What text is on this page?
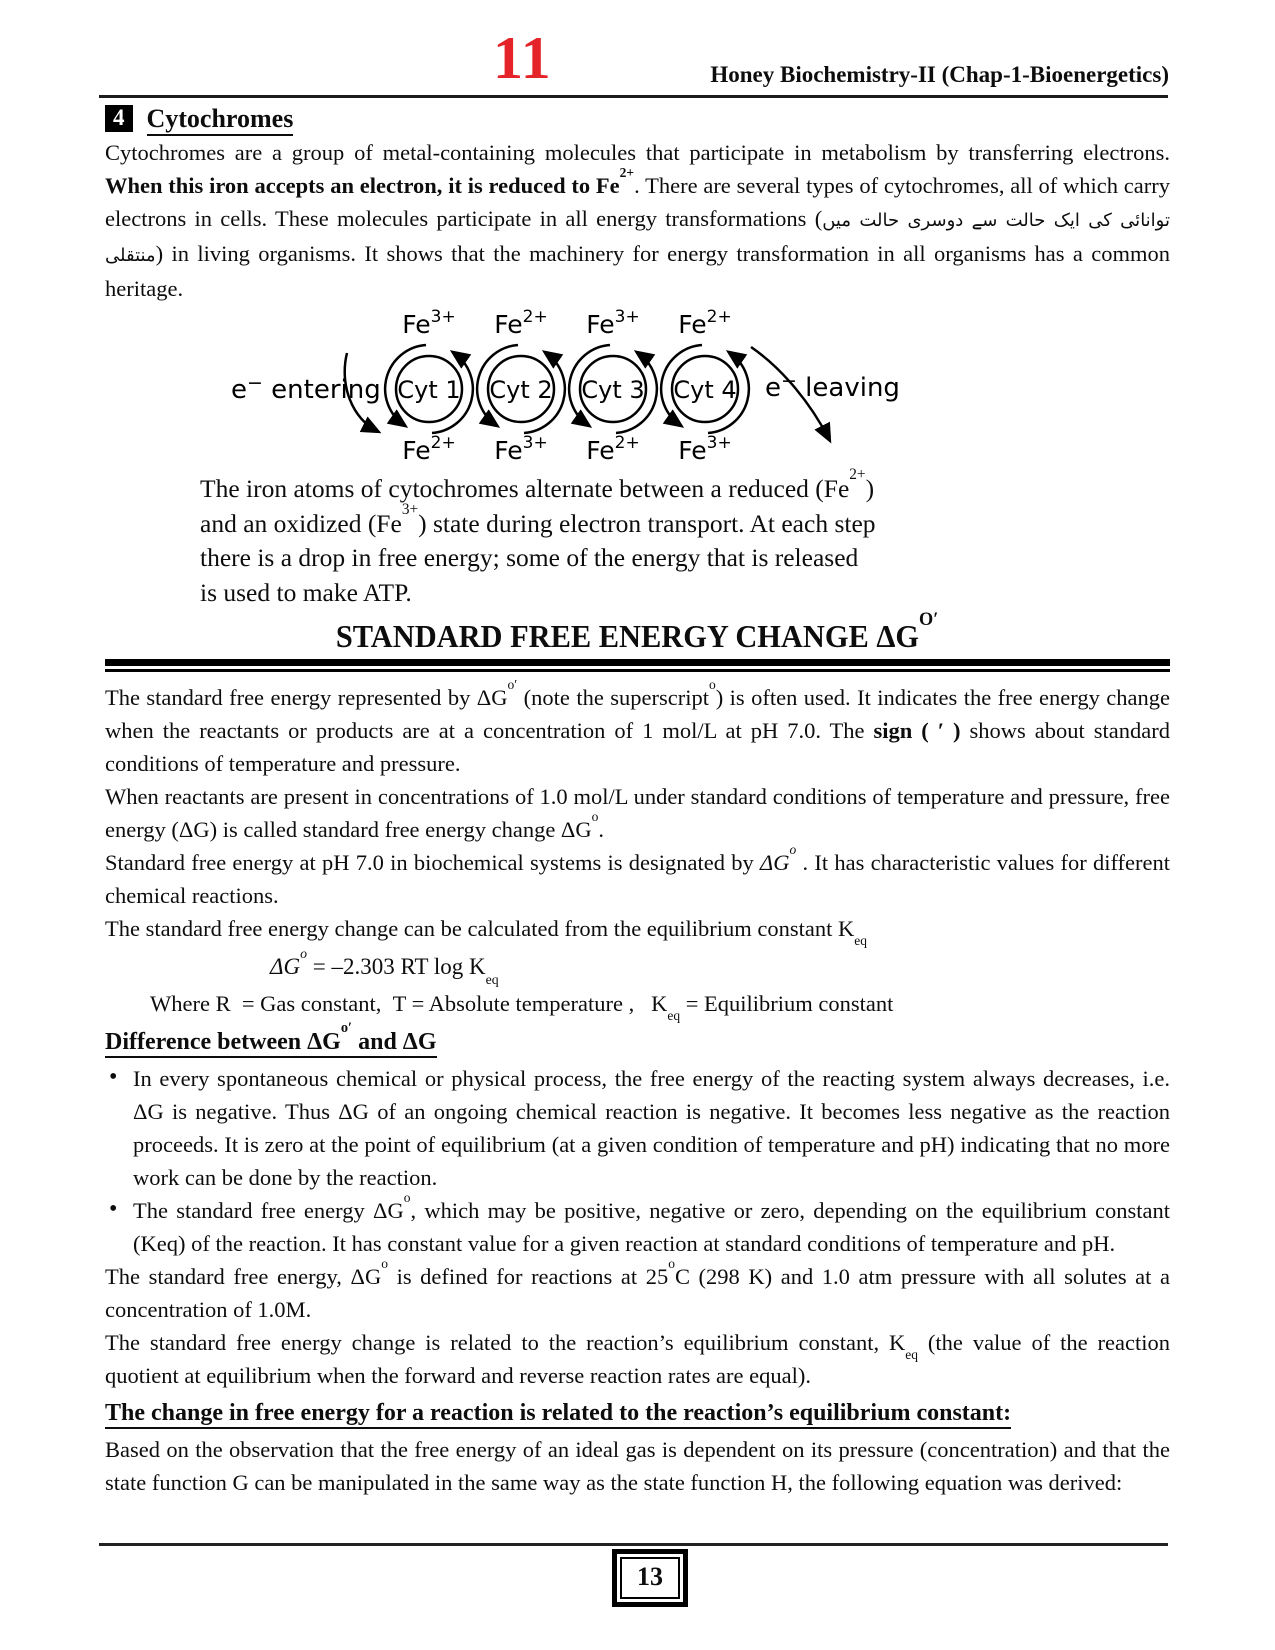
11	Honey Biochemistry-II (Chap-1-Bioenergetics)
4 Cytochromes
Cytochromes are a group of metal-containing molecules that participate in metabolism by transferring electrons. When this iron accepts an electron, it is reduced to $Fe^{2+}$. There are several types of cytochromes, all of which carry electrons in cells. These molecules participate in all energy transformations (توانائی کی ایک حالت سے دوسری حالت میں منتقلی) in living organisms. It shows that the machinery for energy transformation in all organisms has a common heritage.
$Fe^{3+}$ $Fe^{2+}$ $Fe^{3+}$ $Fe^{2+}$
Cyt 1 Cyt 2 Cyt 3 Cyt 4
$Fe^{2+}$ $Fe^{3+}$ $Fe^{2+}$ $Fe^{3+}$
e− entering	e− leaving
The iron atoms of cytochromes alternate between a reduced $(Fe^{2+})$
and an oxidized $(Fe^{3+})$ state during electron transport. At each step
there is a drop in free energy; some of the energy that is released
is used to make ATP.
STANDARD FREE ENERGY CHANGE $\Delta G^{O'}$
The standard free energy represented by $\Delta G^{o'}$ (note the superscript$^o$) is often used. It indicates the free energy change when the reactants or products are at a concentration of 1 mol/L at pH 7.0. The sign ( ′ ) shows about standard conditions of temperature and pressure.
When reactants are present in concentrations of 1.0 mol/L under standard conditions of temperature and pressure, free energy (ΔG) is called standard free energy change $\Delta G^o$.
Standard free energy at pH 7.0 in biochemical systems is designated by $\Delta G^o$ . It has characteristic values for different chemical reactions.
The standard free energy change can be calculated from the equilibrium constant $K_{eq}$
$\Delta G^o = -2.303$ RT $\log K_{eq}$
Where R  = Gas constant,  T = Absolute temperature ,   $K_{eq}$ = Equilibrium constant
Difference between $\Delta G^{o'}$ and ΔG
• In every spontaneous chemical or physical process, the free energy of the reacting system always decreases, i.e. ΔG is negative. Thus ΔG of an ongoing chemical reaction is negative. It becomes less negative as the reaction proceeds. It is zero at the point of equilibrium (at a given condition of temperature and pH) indicating that no more work can be done by the reaction.
• The standard free energy $\Delta G^o$, which may be positive, negative or zero, depending on the equilibrium constant (Keq) of the reaction. It has constant value for a given reaction at standard conditions of temperature and pH.
The standard free energy, $\Delta G^o$ is defined for reactions at 25$^o$C (298 K) and 1.0 atm pressure with all solutes at a concentration of 1.0M.
The standard free energy change is related to the reaction’s equilibrium constant, $K_{eq}$ (the value of the reaction quotient at equilibrium when the forward and reverse reaction rates are equal).
The change in free energy for a reaction is related to the reaction’s equilibrium constant:
Based on the observation that the free energy of an ideal gas is dependent on its pressure (concentration) and that the state function G can be manipulated in the same way as the state function H, the following equation was derived:
13
